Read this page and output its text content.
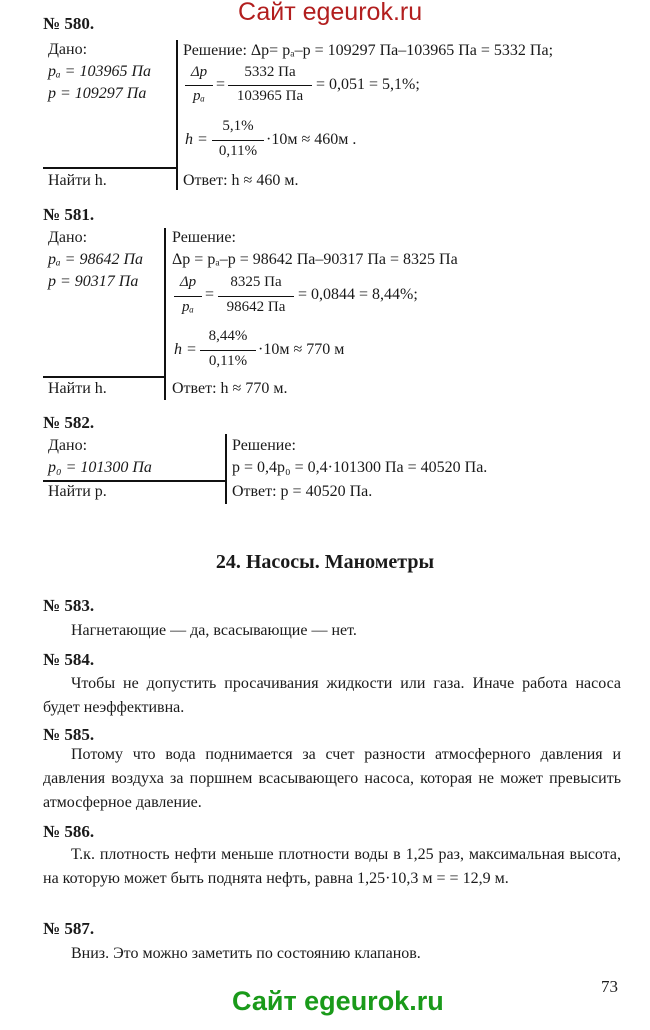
Сайт egeurok.ru
№ 580.
Дано:
pₐ = 103965 Па
p = 109297 Па
Найти h.
Решение: Δp= pₐ–p = 109297 Па–103965 Па = 5332 Па;
Δp
pₐ
=
5332 Па
103965 Па
= 0,051 = 5,1%;
h =
5,1%
0,11%
·10м ≈ 460м .
Ответ: h ≈ 460 м.
№ 581.
Дано:
pₐ = 98642 Па
p = 90317 Па
Найти h.
Решение:
Δp = pₐ–p = 98642 Па–90317 Па = 8325 Па
Δp
pₐ
=
8325 Па
98642 Па
= 0,0844 = 8,44%;
h =
8,44%
0,11%
·10м ≈ 770 м
Ответ: h ≈ 770 м.
№ 582.
Дано:
p₀ = 101300 Па
Найти p.
Решение:
p = 0,4p₀ = 0,4·101300 Па = 40520 Па.
Ответ: p = 40520 Па.
24. Насосы. Манометры
№ 583.
Нагнетающие — да, всасывающие — нет.
№ 584.
Чтобы не допустить просачивания жидкости или газа. Иначе работа насоса будет неэффективна.
№ 585.
Потому что вода поднимается за счет разности атмосферного давления и давления воздуха за поршнем всасывающего насоса, которая не может превысить атмосферное давление.
№ 586.
Т.к. плотность нефти меньше плотности воды в 1,25 раз, максимальная высота, на которую может быть поднята нефть, равна 1,25·10,3 м = = 12,9 м.
№ 587.
Вниз. Это можно заметить по состоянию клапанов.
73
Сайт egeurok.ru
